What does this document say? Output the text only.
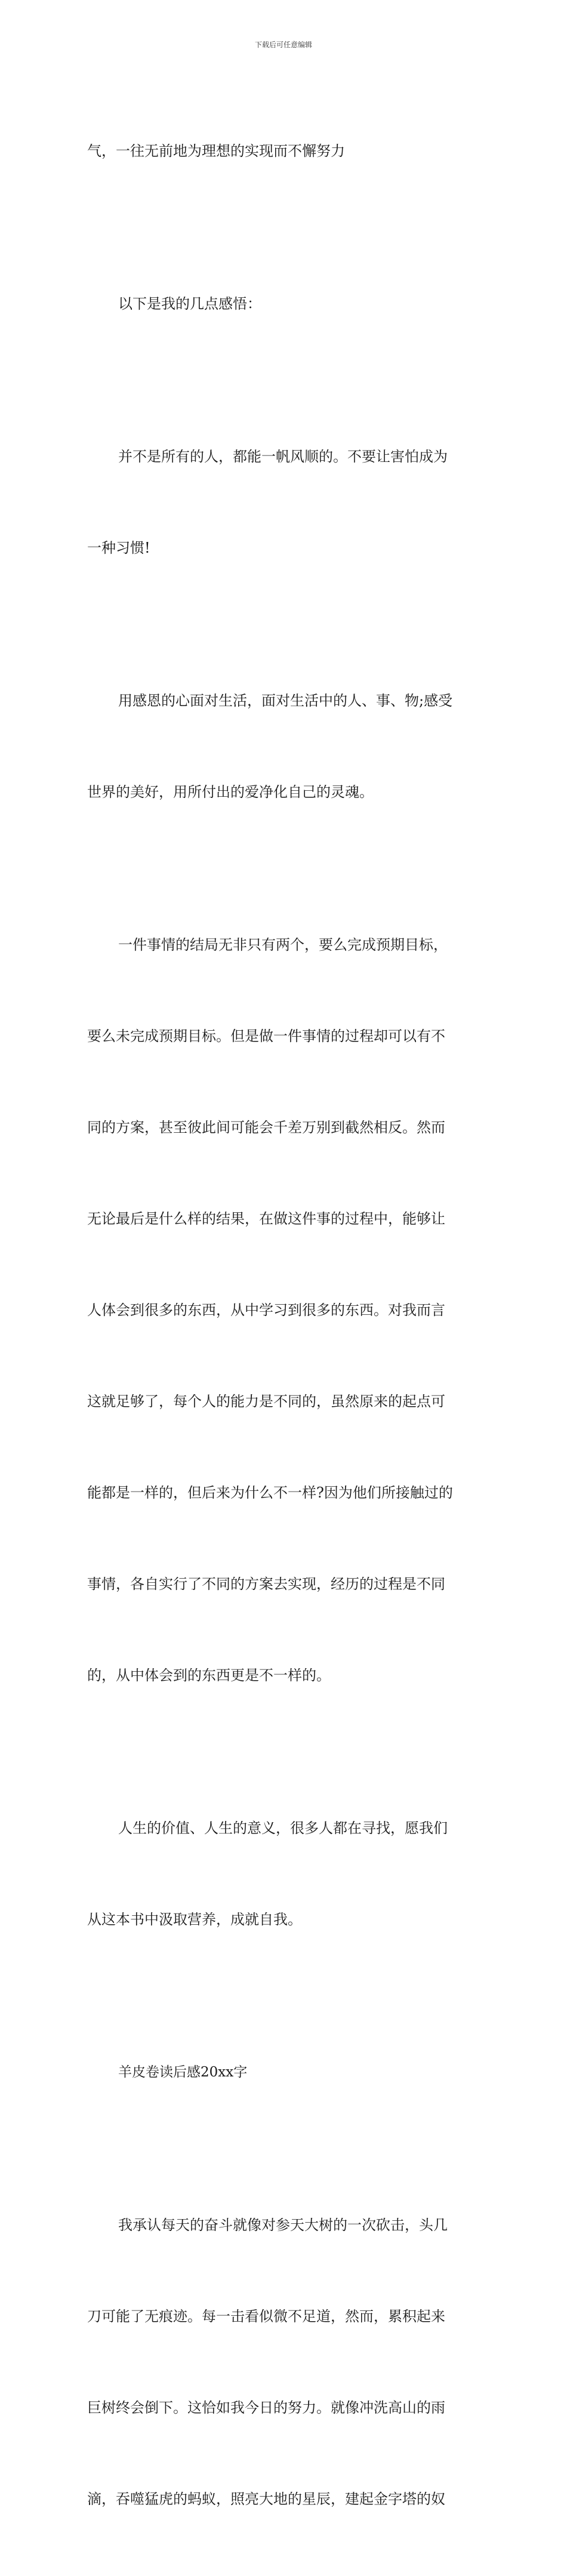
下载后可任意编辑

气，一往无前地为理想的实现而不懈努力

以下是我的几点感悟：

并不是所有的人，都能一帆风顺的。不要让害怕成为

一种习惯!

用感恩的心面对生活，面对生活中的人、事、物;感受

世界的美好，用所付出的爱净化自己的灵魂。

一件事情的结局无非只有两个，要么完成预期目标，

要么未完成预期目标。但是做一件事情的过程却可以有不

同的方案，甚至彼此间可能会千差万别到截然相反。然而

无论最后是什么样的结果，在做这件事的过程中，能够让

人体会到很多的东西，从中学习到很多的东西。对我而言

这就足够了，每个人的能力是不同的，虽然原来的起点可

能都是一样的，但后来为什么不一样?因为他们所接触过的

事情，各自实行了不同的方案去实现，经历的过程是不同

的，从中体会到的东西更是不一样的。

人生的价值、人生的意义，很多人都在寻找，愿我们

从这本书中汲取营养，成就自我。

羊皮卷读后感20xx字

我承认每天的奋斗就像对参天大树的一次砍击，头几

刀可能了无痕迹。每一击看似微不足道，然而，累积起来

巨树终会倒下。这恰如我今日的努力。就像冲洗高山的雨

滴，吞噬猛虎的蚂蚁，照亮大地的星辰，建起金字塔的奴
